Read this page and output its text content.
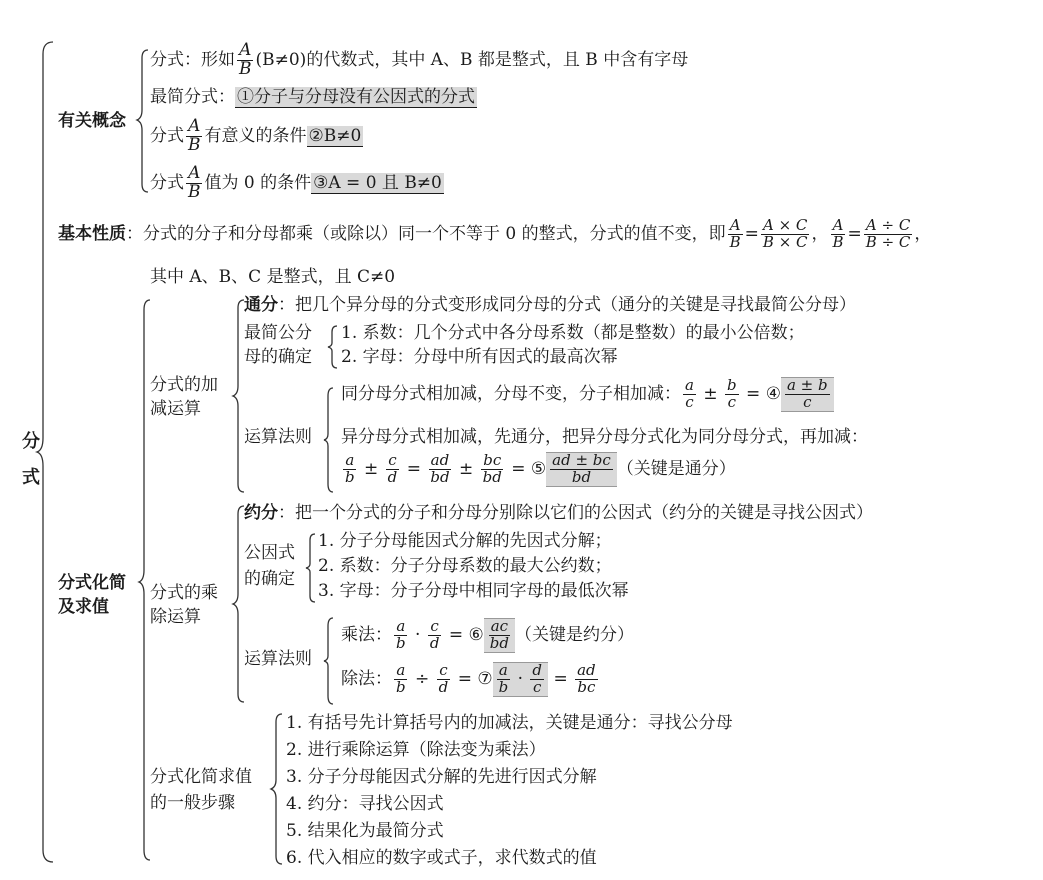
分式
有关概念
分式：形如 $\frac{A}{B} (B\ne 0)$的代数式，其中 A、B 都是整式，且 B 中含有字母
最简分式： ①分子与分母没有公因式的分式
分式 $\frac{A}{B}$ 有意义的条件 ②B≠0
分式 $\frac{A}{B}$ 值为 0 的条件 ③A = 0 且 B≠0
基本性质：分式的分子和分母都乘（或除以）同一个不等于 0 的整式，分式的值不变，即 $\frac{A}{B} = \frac{A \times C}{B \times C}$ ， $\frac{A}{B} = \frac{A \div C}{B \div C}$ ，
其中 A、B、C 是整式，且 C≠0
分式化简
及求值
分式的加
减运算
通分：把几个异分母的分式变形成同分母的分式（通分的关键是寻找最简公分母）
最简公分
母的确定
1. 系数：几个分式中各分母系数（都是整数）的最小公倍数；
2. 字母：分母中所有因式的最高次幂
运算法则
同分母分式相加减，分母不变，分子相加减： $\frac{a}{c} \pm \frac{b}{c}$ = ④ $\frac{a \pm b}{c}$
异分母分式相加减，先通分，把异分母分式化为同分母分式，再加减：
$\frac{a}{b} \pm \frac{c}{d} = \frac{ad}{bd} \pm \frac{bc}{bd}$ = ⑤ $\frac{ad \pm bc}{bd}$ （关键是通分）
分式的乘
除运算
约分：把一个分式的分子和分母分别除以它们的公因式（约分的关键是寻找公因式）
公因式
的确定
1. 分子分母能因式分解的先因式分解；
2. 系数：分子分母系数的最大公约数；
3. 字母：分子分母中相同字母的最低次幂
运算法则
乘法： $\frac{a}{b} \cdot \frac{c}{d}$ = ⑥ $\frac{ac}{bd}$ （关键是约分）
除法： $\frac{a}{b} \div \frac{c}{d}$ = ⑦ $\frac{a}{b} \cdot \frac{d}{c} = \frac{ad}{bc}$
分式化简求值
的一般步骤
1. 有括号先计算括号内的加减法，关键是通分：寻找公分母
2. 进行乘除运算（除法变为乘法）
3. 分子分母能因式分解的先进行因式分解
4. 约分：寻找公因式
5. 结果化为最简分式
6. 代入相应的数字或式子，求代数式的值
